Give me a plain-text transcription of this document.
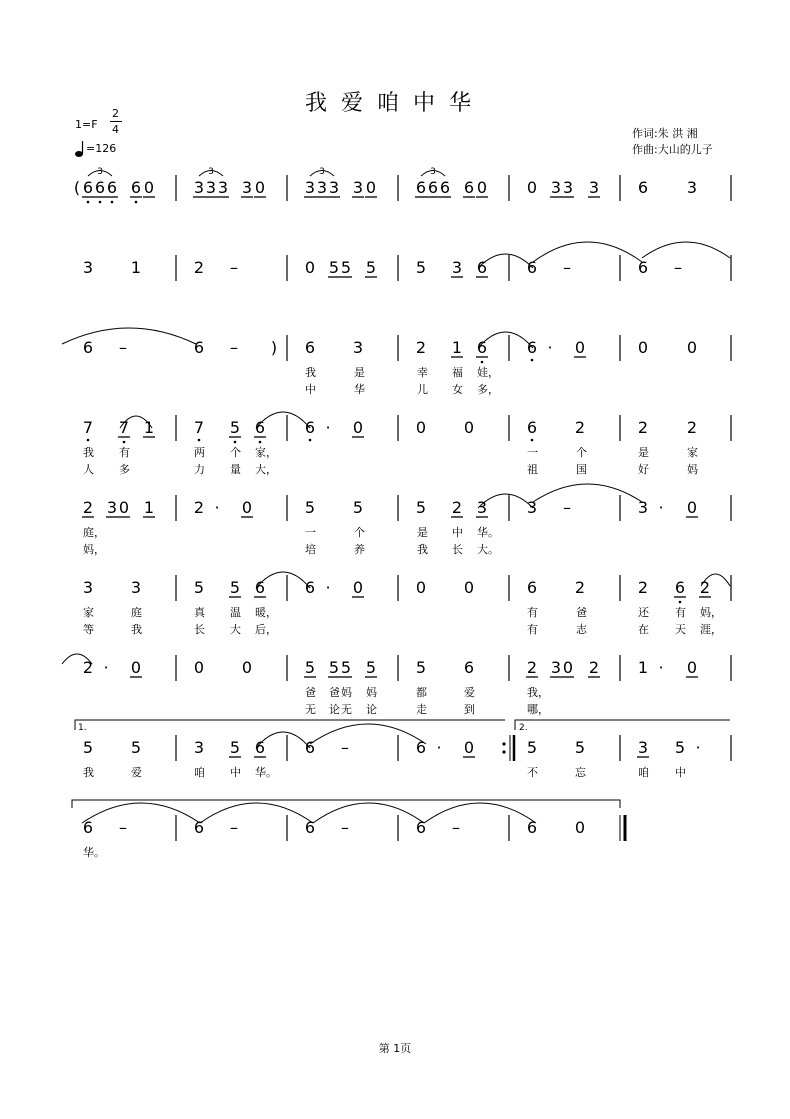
我爱咱中华
作词:朱 洪 湘
作曲:大山的儿子
1=F
2
4
=126
( 6 6 6 6 0 3 3 3 3 0 3 3 3 3 0 6 6 6 6 0 0 3 3 3 6 3
3	3	3	3
3 1	2 –	0 5 5 5 5 3 6 6 –	6 –
6 –	6 – ) 6 3	2 1 6 6 · 0	0 0
7 7 1 7 5 6 6 · 0	0 0	6 2	2 2
2 3 0 1 2 · 0	5 5	5 2 3 3 –	3 · 0
3 3	5 5 6 6 · 0	0 0	6 2	2 6 2
2 · 0	0 0	5 5 5 5 5 6	2 3 0 2 1 · 0
5 5	3 5 6 6 –	6 · 0	5 5	3 5 ·
6 –	6 –	6 –	6 –	6 0
1.	2.
我	是	幸 福 娃，
中	华	儿 女 多，
我 有	两 个 家，	一	个	是	家
人 多	力 量 大，	祖	国	好	妈
庭，	一	个	是 中 华。
妈，	培	养	我 长 大。
家	庭	真 温 暖，	有	爸	还 有 妈，
等	我	长 大 后，	有	志	在 天 涯，
爸 爸 妈 妈	都	爱	我，
无 论 无 论	走	到	哪，
我	爱	咱 中 华。	不	忘	咱 中
华。
第 1页
